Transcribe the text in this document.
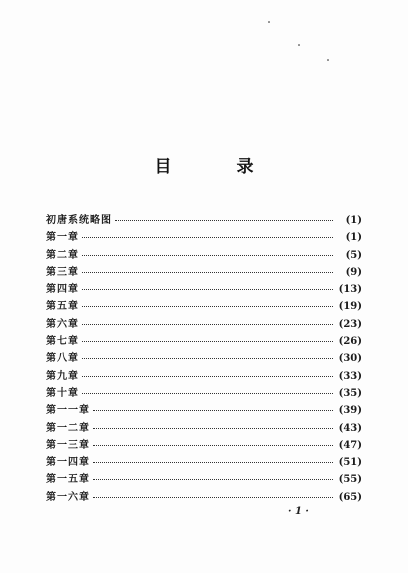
目　录
初唐系统略图	(1)
第一章	(1)
第二章	(5)
第三章	(9)
第四章	(13)
第五章	(19)
第六章	(23)
第七章	(26)
第八章	(30)
第九章	(33)
第十章	(35)
第一一章	(39)
第一二章	(43)
第一三章	(47)
第一四章	(51)
第一五章	(55)
第一六章	(65)
· 1 ·
